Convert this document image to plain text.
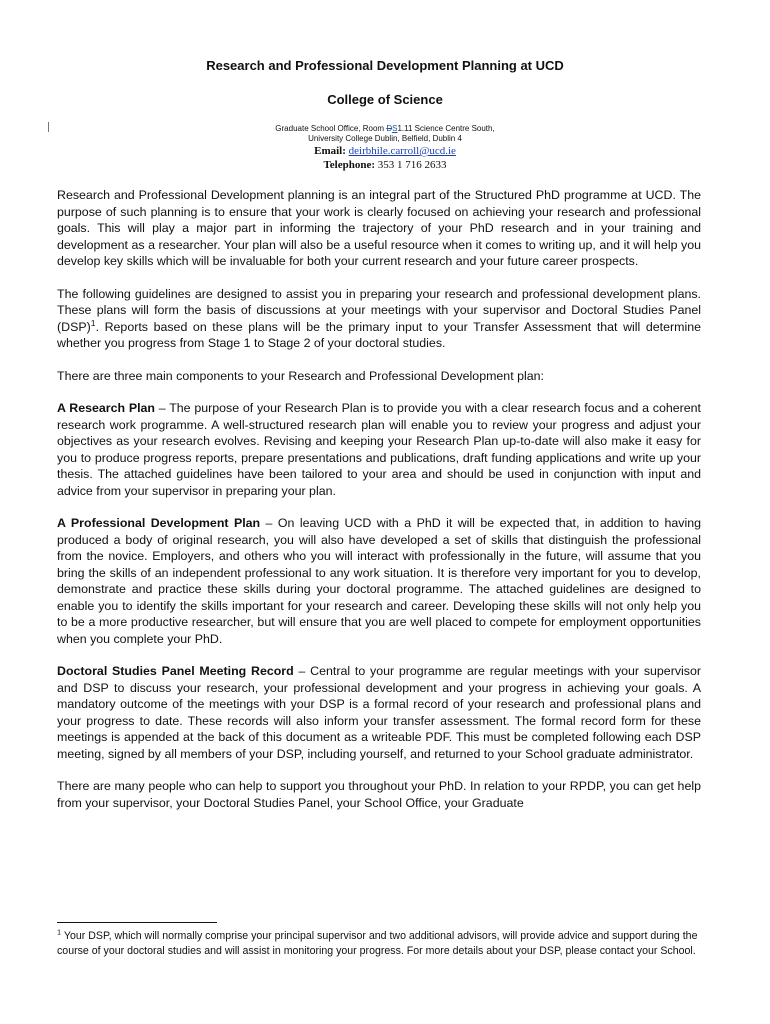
Research and Professional Development Planning at UCD
College of Science
Graduate School Office, Room DS1.11 Science Centre South,
University College Dublin, Belfield, Dublin 4
Email: deirbhile.carroll@ucd.ie
Telephone: 353 1 716 2633

Research and Professional Development planning is an integral part of the Structured PhD programme at UCD. The purpose of such planning is to ensure that your work is clearly focused on achieving your research and professional goals. This will play a major part in informing the trajectory of your PhD research and in your training and development as a researcher. Your plan will also be a useful resource when it comes to writing up, and it will help you develop key skills which will be invaluable for both your current research and your future career prospects.

The following guidelines are designed to assist you in preparing your research and professional development plans. These plans will form the basis of discussions at your meetings with your supervisor and Doctoral Studies Panel (DSP)$^1$. Reports based on these plans will be the primary input to your Transfer Assessment that will determine whether you progress from Stage 1 to Stage 2 of your doctoral studies.

There are three main components to your Research and Professional Development plan:

A Research Plan – The purpose of your Research Plan is to provide you with a clear research focus and a coherent research work programme. A well-structured research plan will enable you to review your progress and adjust your objectives as your research evolves. Revising and keeping your Research Plan up-to-date will also make it easy for you to produce progress reports, prepare presentations and publications, draft funding applications and write up your thesis. The attached guidelines have been tailored to your area and should be used in conjunction with input and advice from your supervisor in preparing your plan.

A Professional Development Plan – On leaving UCD with a PhD it will be expected that, in addition to having produced a body of original research, you will also have developed a set of skills that distinguish the professional from the novice. Employers, and others who you will interact with professionally in the future, will assume that you bring the skills of an independent professional to any work situation. It is therefore very important for you to develop, demonstrate and practice these skills during your doctoral programme. The attached guidelines are designed to enable you to identify the skills important for your research and career. Developing these skills will not only help you to be a more productive researcher, but will ensure that you are well placed to compete for employment opportunities when you complete your PhD.

Doctoral Studies Panel Meeting Record – Central to your programme are regular meetings with your supervisor and DSP to discuss your research, your professional development and your progress in achieving your goals. A mandatory outcome of the meetings with your DSP is a formal record of your research and professional plans and your progress to date. These records will also inform your transfer assessment. The formal record form for these meetings is appended at the back of this document as a writeable PDF. This must be completed following each DSP meeting, signed by all members of your DSP, including yourself, and returned to your School graduate administrator.

There are many people who can help to support you throughout your PhD. In relation to your RPDP, you can get help from your supervisor, your Doctoral Studies Panel, your School Office, your Graduate

$^1$ Your DSP, which will normally comprise your principal supervisor and two additional advisors, will provide advice and support during the course of your doctoral studies and will assist in monitoring your progress. For more details about your DSP, please contact your School.
